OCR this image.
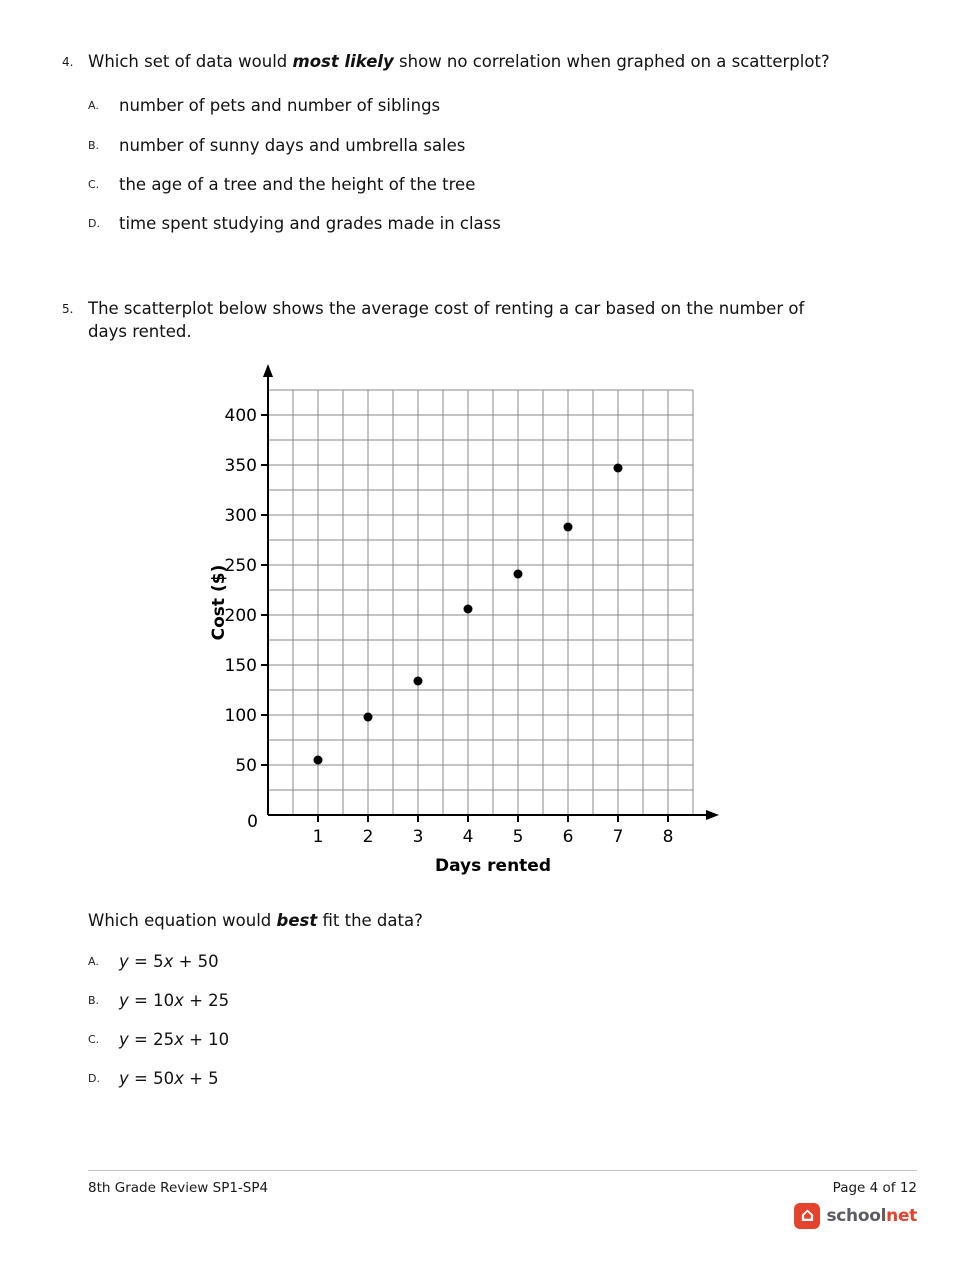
4. Which set of data would most likely show no correlation when graphed on a scatterplot?

A.	number of pets and number of siblings
B.	number of sunny days and umbrella sales
C.	the age of a tree and the height of the tree
D.	time spent studying and grades made in class
5. The scatterplot below shows the average cost of renting a car based on the number of days rented.

50
100
150
200
250
300
350
400
1 2 3 4 5 6 7 8
0
Cost ($)
Days rented

Which equation would best fit the data?

A.	y = 5x + 50
B.	y = 10x + 25
C.	y = 25x + 10
D.	y = 50x + 5
8th Grade Review SP1-SP4	Page 4 of 12
⌂ schoolnet
